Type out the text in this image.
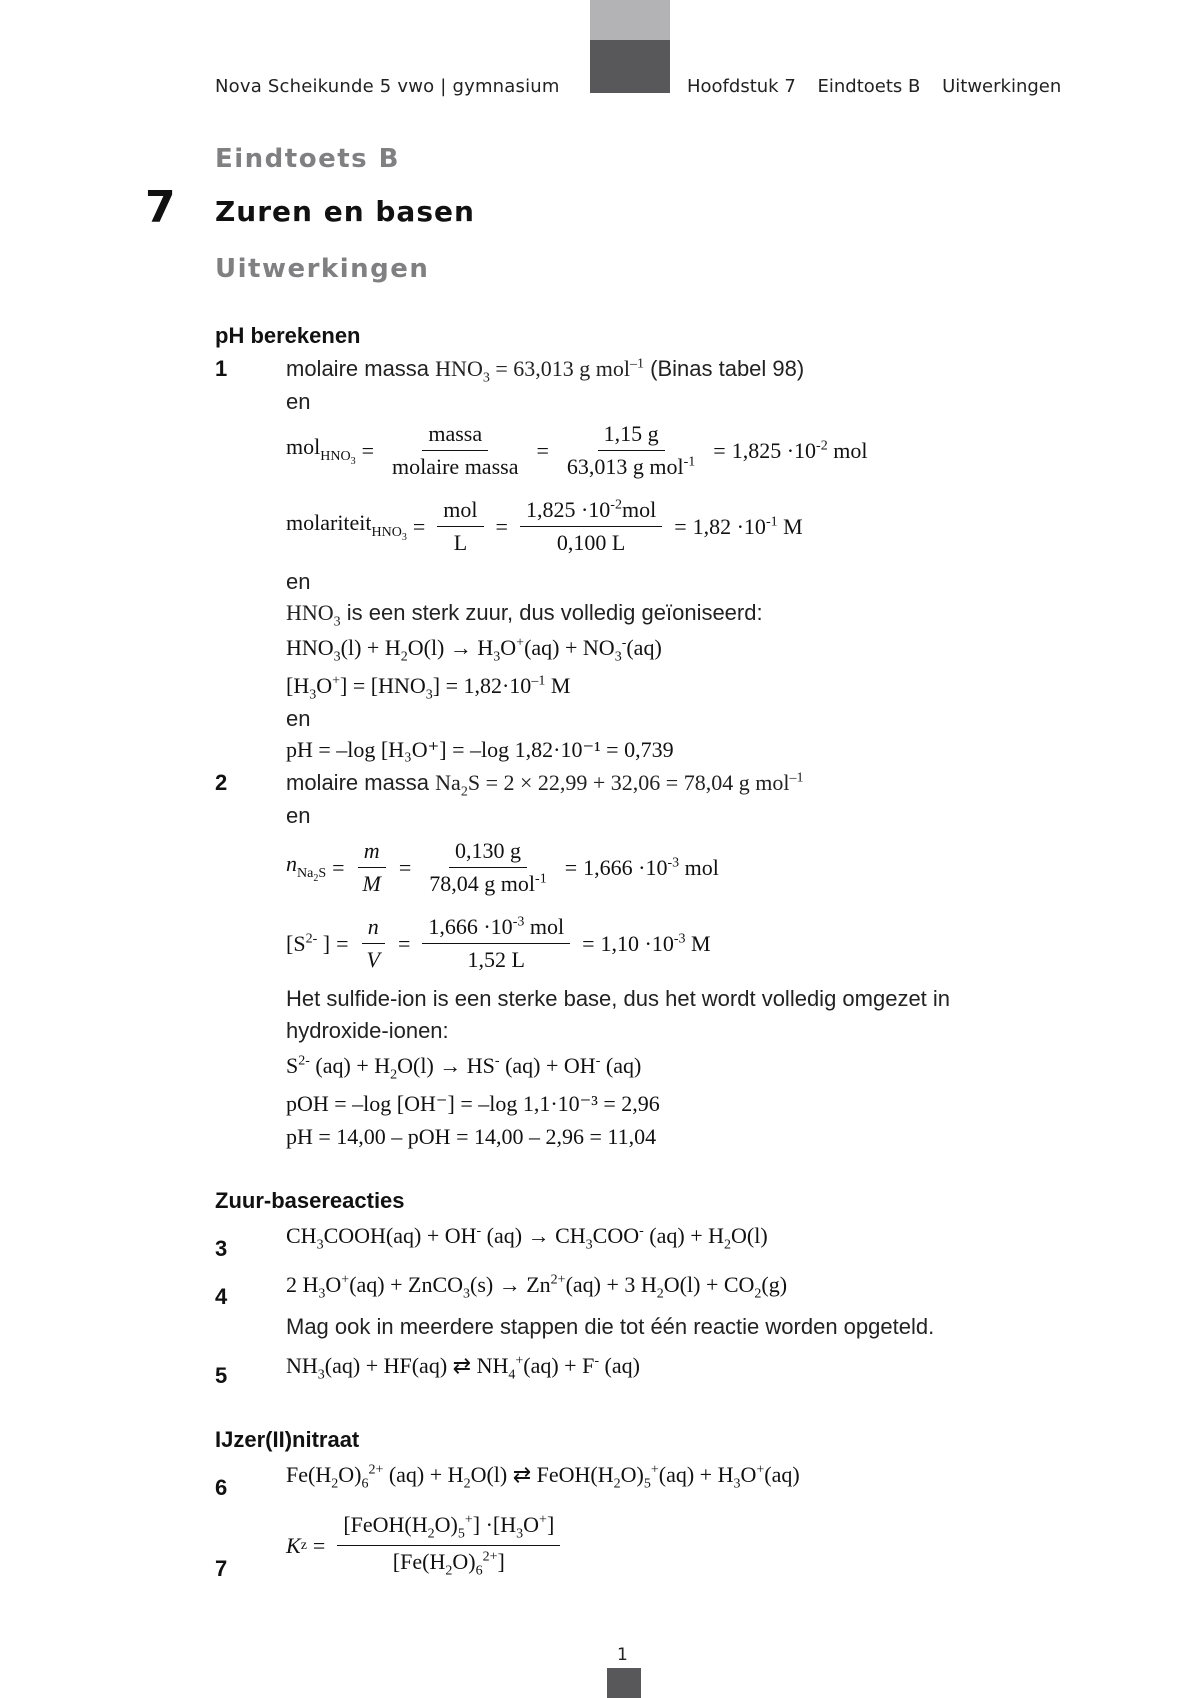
Nova Scheikunde 5 vwo | gymnasium	Hoofdstuk 7 Eindtoets B Uitwerkingen
Eindtoets B
7 Zuren en basen
Uitwerkingen
pH berekenen
1	molaire massa $HNO_3 = 63,013$ g mol$^{-1}$ (Binas tabel 98)
en
$mol_{HNO_3} = \frac{\text{massa}}{\text{molaire massa}} = \frac{1,15 g}{63,013 g mol^{-1}} = 1,825 \cdot 10^{-2}$ mol
molariteit$_{HNO_3}$ = $\frac{\text{mol}}{L} = \frac{1,825 \cdot 10^{-2}mol}{0,100 L} = 1,82 \cdot 10^{-1}$ M
en
$HNO_3$ is een sterk zuur, dus volledig geïoniseerd:
$HNO_3(l) + H_2O(l) \to H_3O^+(aq) + NO_3^-(aq)$
$[H_3O^+] = [HNO_3] = 1,82\cdot 10^{-1}$ M
en
pH = –log [H₃O⁺] = –log 1,82·10⁻¹ = 0,739
2	molaire massa $Na_2S = 2 \times 22,99 + 32,06 = 78,04$ g mol$^{-1}$
en
$n_{Na_2S} = \frac{m}{M} = \frac{0,130 g}{78,04 g mol^{-1}} = 1,666 \cdot 10^{-3}$ mol
[$S^{2-}$ ] = $\frac{n}{V} = \frac{1,666 \cdot 10^{-3} mol}{1,52 L} = 1,10 \cdot 10^{-3}$ M
Het sulfide-ion is een sterke base, dus het wordt volledig omgezet in
hydroxide-ionen:
$S^{2-}$ $(aq) + H_2O(l) \to HS^-$ (aq) + OH- (aq)
pOH = –log [OH⁻] = –log 1,1·10⁻³ = 2,96
pH = 14,00 – pOH = 14,00 – 2,96 = 11,04
Zuur-basereacties
3
$CH_3COOH(aq) + OH^-$ $(aq) \to CH_3COO^-$ $(aq) + H_2O(l)$
4	2 $H_3O^+(aq)$ + ZnCO$_3$(s) → $Zn^{2+}(aq) + 3$ $H_2O(l) + CO_2(g)$
Mag ook in meerdere stappen die tot één reactie worden opgeteld.
5	$NH_3(aq) + HF(aq)$ ⇄ $NH_4^+(aq) + F^-$ (aq)
IJzer(II)nitraat
6
$Fe(H_2O)_6^{2+}$ $(aq) + H_2O(l)$ ⇄ $FeOH(H_2O)_5^+(aq) + H_3O^+(aq)$
7
K $z = \frac{[FeOH(H_2O)_5^+] \cdot[H_3O^+]}{[Fe(H_2O)_6^{2+}]}$
1
